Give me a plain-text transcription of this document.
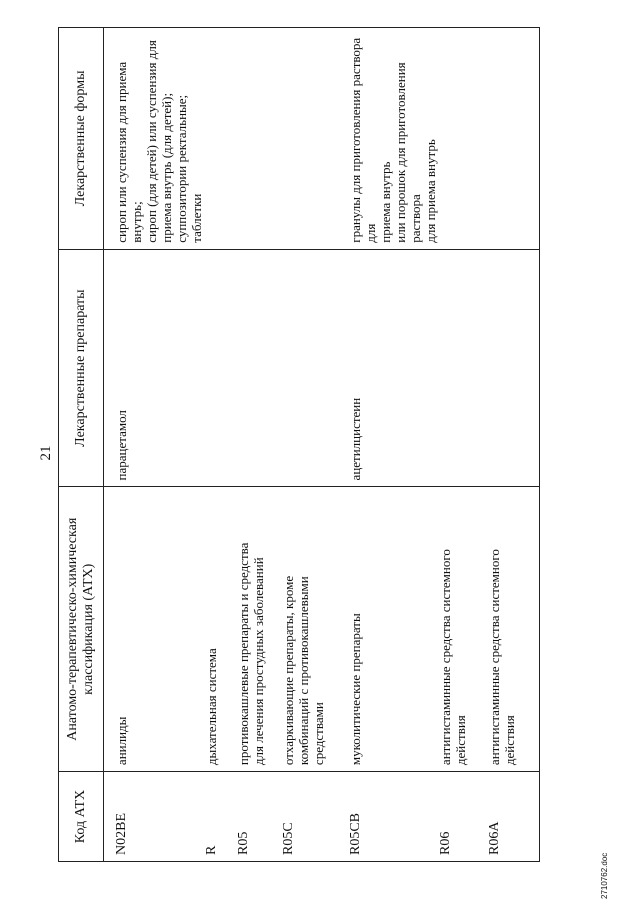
21
Код АТХ	Анатомо-терапевтическо-химическая классификация (АТХ)	Лекарственные препараты	Лекарственные формы
N02BE	анилиды	парацетамол	сироп или суспензия для приема внутрь; сироп (для детей) или суспензия для приема внутрь (для детей); суппозитории ректальные; таблетки

R	дыхательная система		

R05	противокашлевые препараты и средства для лечения простудных заболеваний		

R05C	отхаркивающие препараты, кроме комбинаций с противокашлевыми средствами		

R05CB	муколитические препараты	ацетилцистеин	гранулы для приготовления раствора для приема внутрь или порошок для приготовления раствора для приема внутрь

R06	антигистаминные средства системного действия		

R06A	антигистаминные средства системного действия		

2710762.doc
